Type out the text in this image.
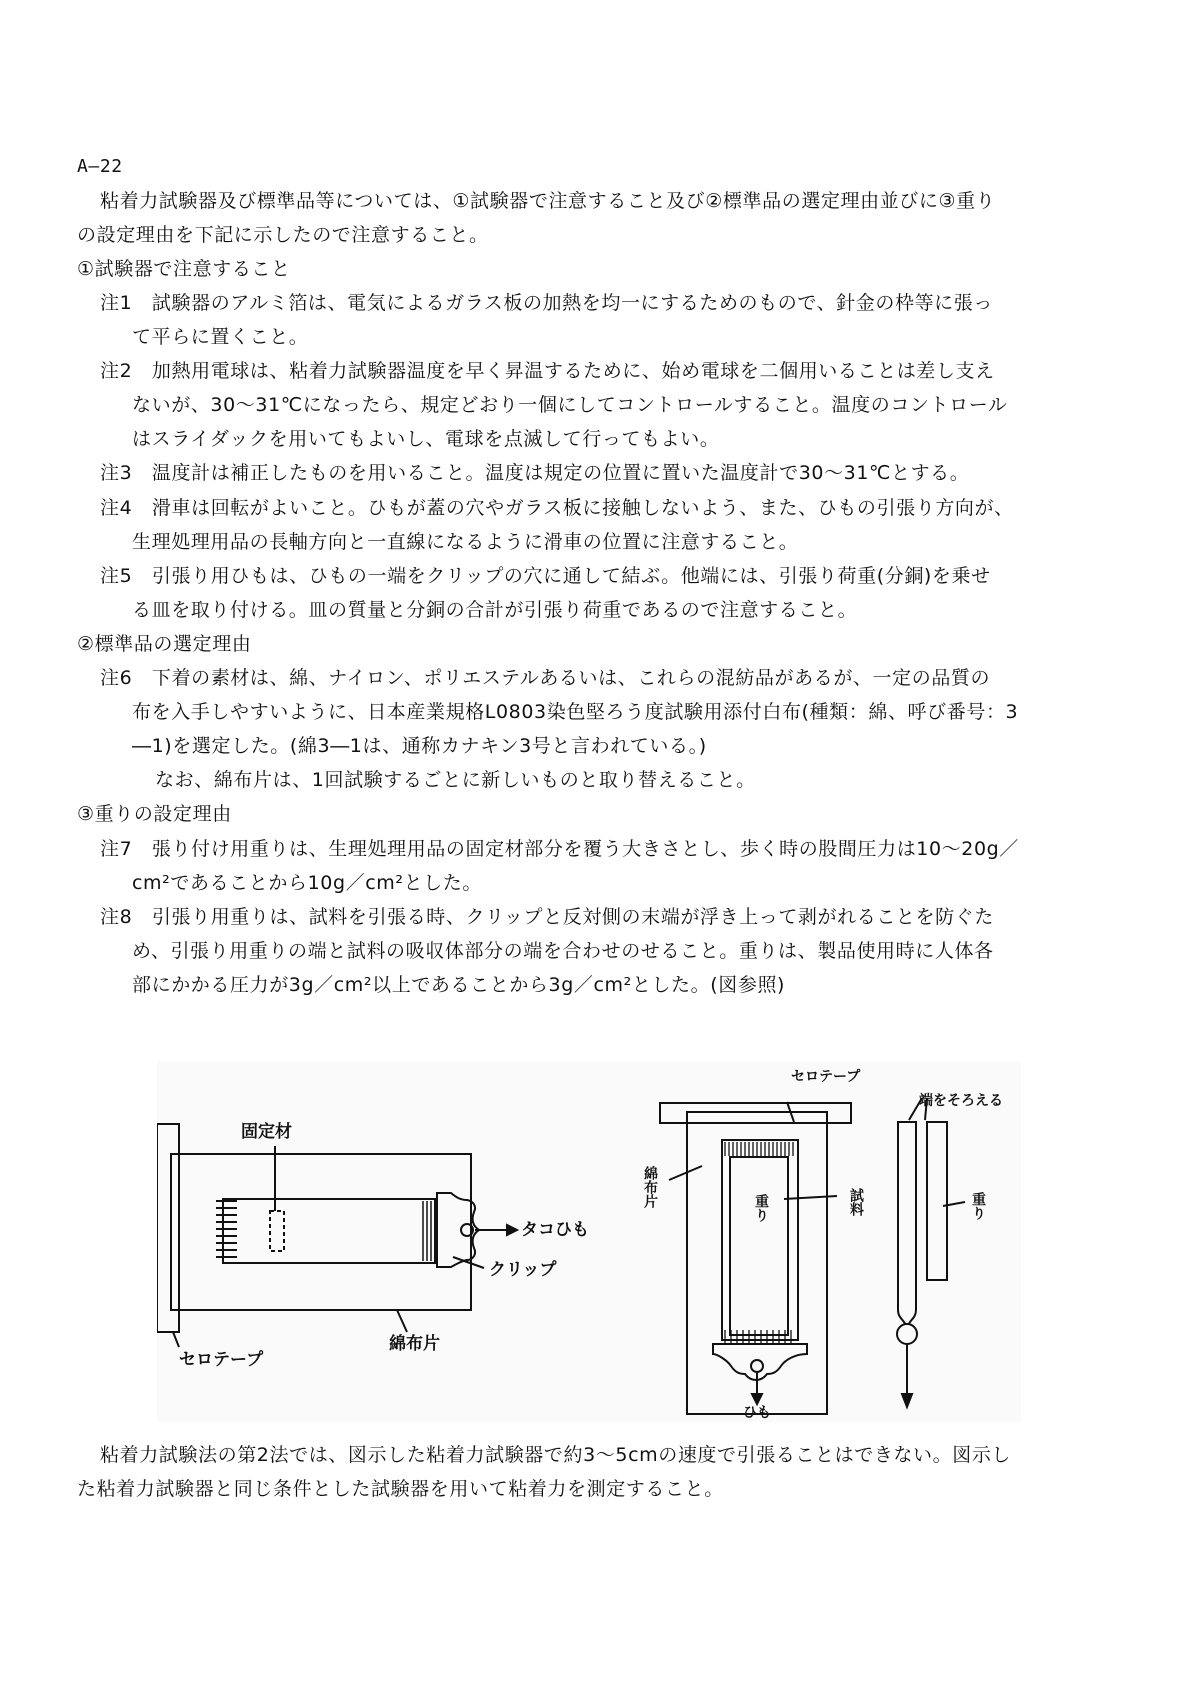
A―22
粘着力試験器及び標準品等については、①試験器で注意すること及び②標準品の選定理由並びに③重り
の設定理由を下記に示したので注意すること。
①試験器で注意すること
注1　試験器のアルミ箔は、電気によるガラス板の加熱を均一にするためのもので、針金の枠等に張っ
て平らに置くこと。
注2　加熱用電球は、粘着力試験器温度を早く昇温するために、始め電球を二個用いることは差し支え
ないが、30～31℃になったら、規定どおり一個にしてコントロールすること。温度のコントロール
はスライダックを用いてもよいし、電球を点滅して行ってもよい。
注3　温度計は補正したものを用いること。温度は規定の位置に置いた温度計で30～31℃とする。
注4　滑車は回転がよいこと。ひもが蓋の穴やガラス板に接触しないよう、また、ひもの引張り方向が、
生理処理用品の長軸方向と一直線になるように滑車の位置に注意すること。
注5　引張り用ひもは、ひもの一端をクリップの穴に通して結ぶ。他端には、引張り荷重(分銅)を乗せ
る皿を取り付ける。皿の質量と分銅の合計が引張り荷重であるので注意すること。
②標準品の選定理由
注6　下着の素材は、綿、ナイロン、ポリエステルあるいは、これらの混紡品があるが、一定の品質の
布を入手しやすいように、日本産業規格L0803染色堅ろう度試験用添付白布(種類：綿、呼び番号：3
―1)を選定した。(綿3―1は、通称カナキン3号と言われている。)
なお、綿布片は、1回試験するごとに新しいものと取り替えること。
③重りの設定理由
注7　張り付け用重りは、生理処理用品の固定材部分を覆う大きさとし、歩く時の股間圧力は10～20g／
cm²であることから10g／cm²とした。
注8　引張り用重りは、試料を引張る時、クリップと反対側の末端が浮き上って剥がれることを防ぐた
め、引張り用重りの端と試料の吸収体部分の端を合わせのせること。重りは、製品使用時に人体各
部にかかる圧力が3g／cm²以上であることから3g／cm²とした。(図参照)
固定材
タコひも
クリップ
綿布片
セロテープ
セロテープ
端をそろえる
綿布片	試料
重り	重り
ひも
粘着力試験法の第2法では、図示した粘着力試験器で約3～5cmの速度で引張ることはできない。図示し
た粘着力試験器と同じ条件とした試験器を用いて粘着力を測定すること。
